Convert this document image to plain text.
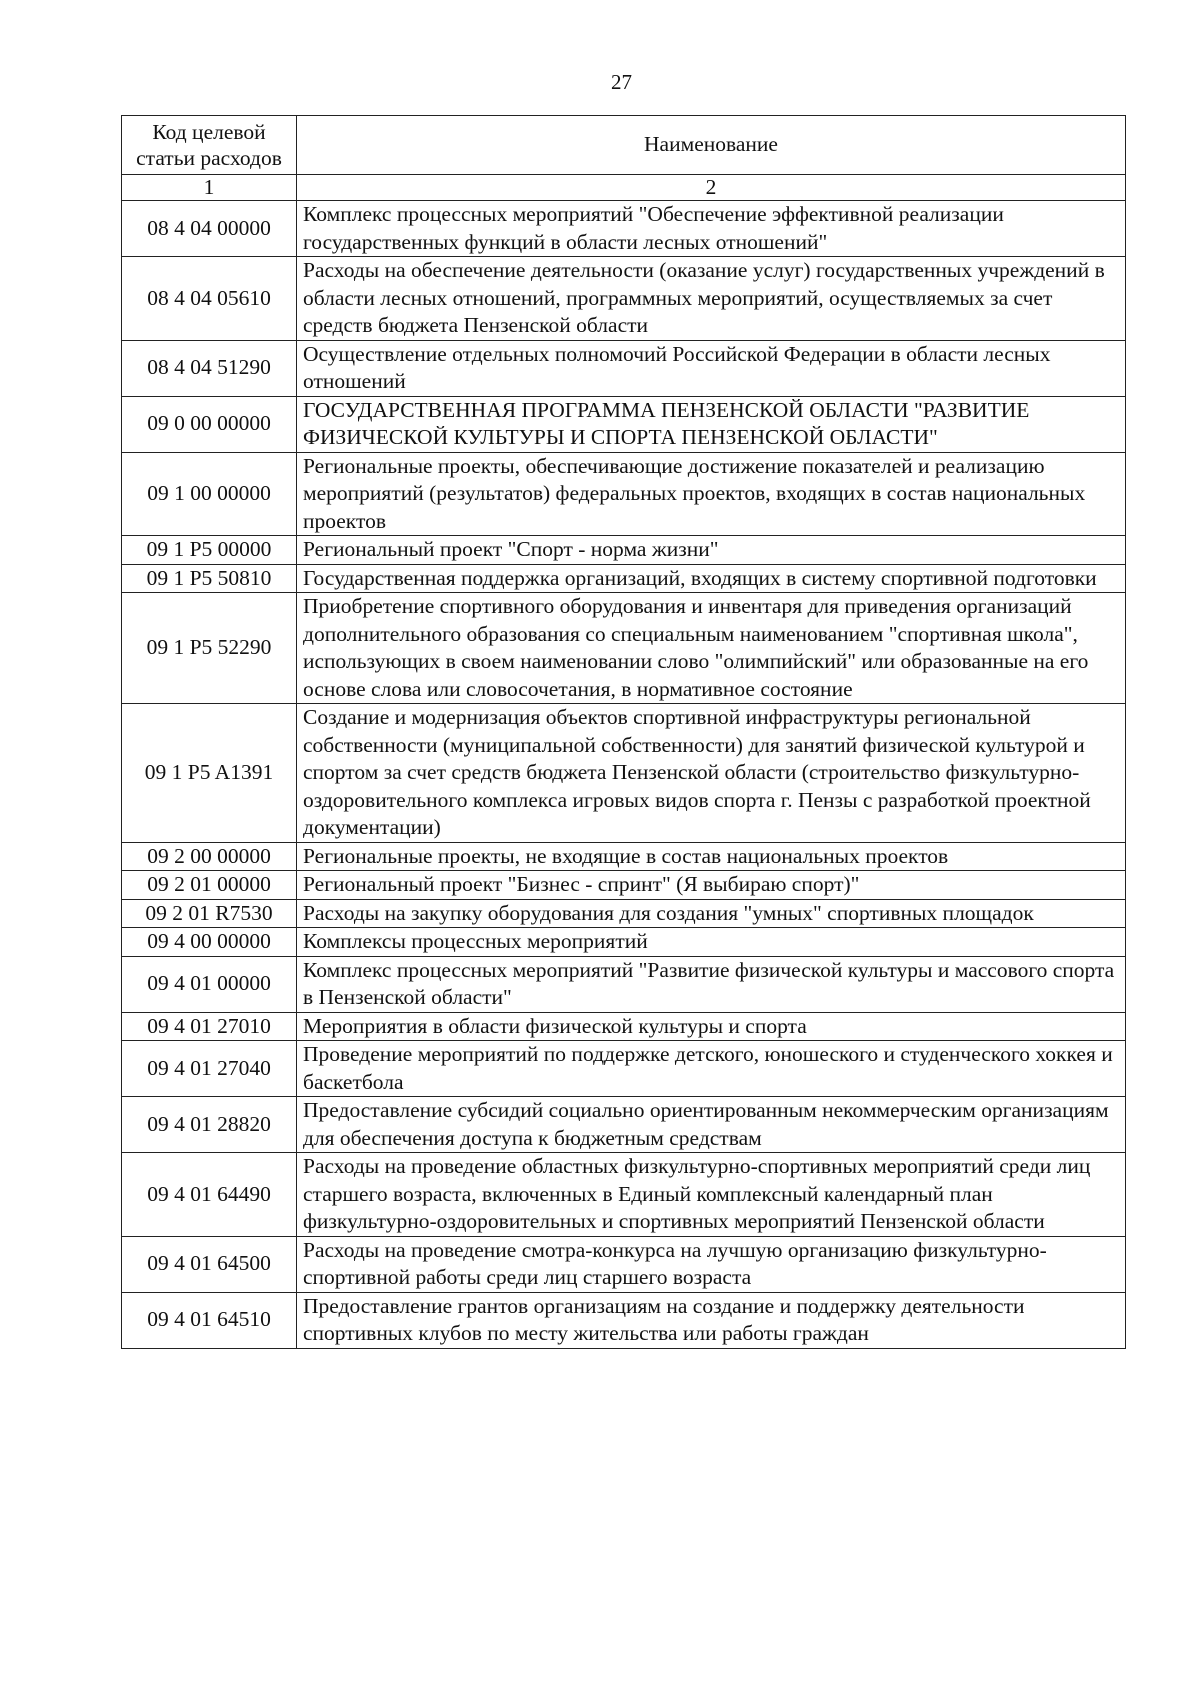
27
Код целевой статьи расходов	Наименование
1	2
08 4 04 00000	Комплекс процессных мероприятий "Обеспечение эффективной реализации государственных функций в области лесных отношений"
08 4 04 05610	Расходы на обеспечение деятельности (оказание услуг) государственных учреждений в области лесных отношений, программных мероприятий, осуществляемых за счет средств бюджета Пензенской области
08 4 04 51290	Осуществление отдельных полномочий Российской Федерации в области лесных отношений
09 0 00 00000	ГОСУДАРСТВЕННАЯ ПРОГРАММА ПЕНЗЕНСКОЙ ОБЛАСТИ "РАЗВИТИЕ ФИЗИЧЕСКОЙ КУЛЬТУРЫ И СПОРТА ПЕНЗЕНСКОЙ ОБЛАСТИ"
09 1 00 00000	Региональные проекты, обеспечивающие достижение показателей и реализацию мероприятий (результатов) федеральных проектов, входящих в состав национальных проектов
09 1 P5 00000	Региональный проект "Спорт - норма жизни"
09 1 P5 50810	Государственная поддержка организаций, входящих в систему спортивной подготовки
09 1 P5 52290	Приобретение спортивного оборудования и инвентаря для приведения организаций дополнительного образования со специальным наименованием "спортивная школа", использующих в своем наименовании слово "олимпийский" или образованные на его основе слова или словосочетания, в нормативное состояние
09 1 P5 A1391	Создание и модернизация объектов спортивной инфраструктуры региональной собственности (муниципальной собственности) для занятий физической культурой и спортом за счет средств бюджета Пензенской области (строительство физкультурно-оздоровительного комплекса игровых видов спорта г. Пензы с разработкой проектной документации)
09 2 00 00000	Региональные проекты, не входящие в состав национальных проектов
09 2 01 00000	Региональный проект "Бизнес - спринт" (Я выбираю спорт)"
09 2 01 R7530	Расходы на закупку оборудования для создания "умных" спортивных площадок
09 4 00 00000	Комплексы процессных мероприятий
09 4 01 00000	Комплекс процессных мероприятий "Развитие физической культуры и массового спорта в Пензенской области"
09 4 01 27010	Мероприятия в области физической культуры и спорта
09 4 01 27040	Проведение мероприятий по поддержке детского, юношеского и студенческого хоккея и баскетбола
09 4 01 28820	Предоставление субсидий социально ориентированным некоммерческим организациям для обеспечения доступа к бюджетным средствам
09 4 01 64490	Расходы на проведение областных физкультурно-спортивных мероприятий среди лиц старшего возраста, включенных в Единый комплексный календарный план физкультурно-оздоровительных и спортивных мероприятий Пензенской области
09 4 01 64500	Расходы на проведение смотра-конкурса на лучшую организацию физкультурно-спортивной работы среди лиц старшего возраста
09 4 01 64510	Предоставление грантов организациям на создание и поддержку деятельности спортивных клубов по месту жительства или работы граждан
